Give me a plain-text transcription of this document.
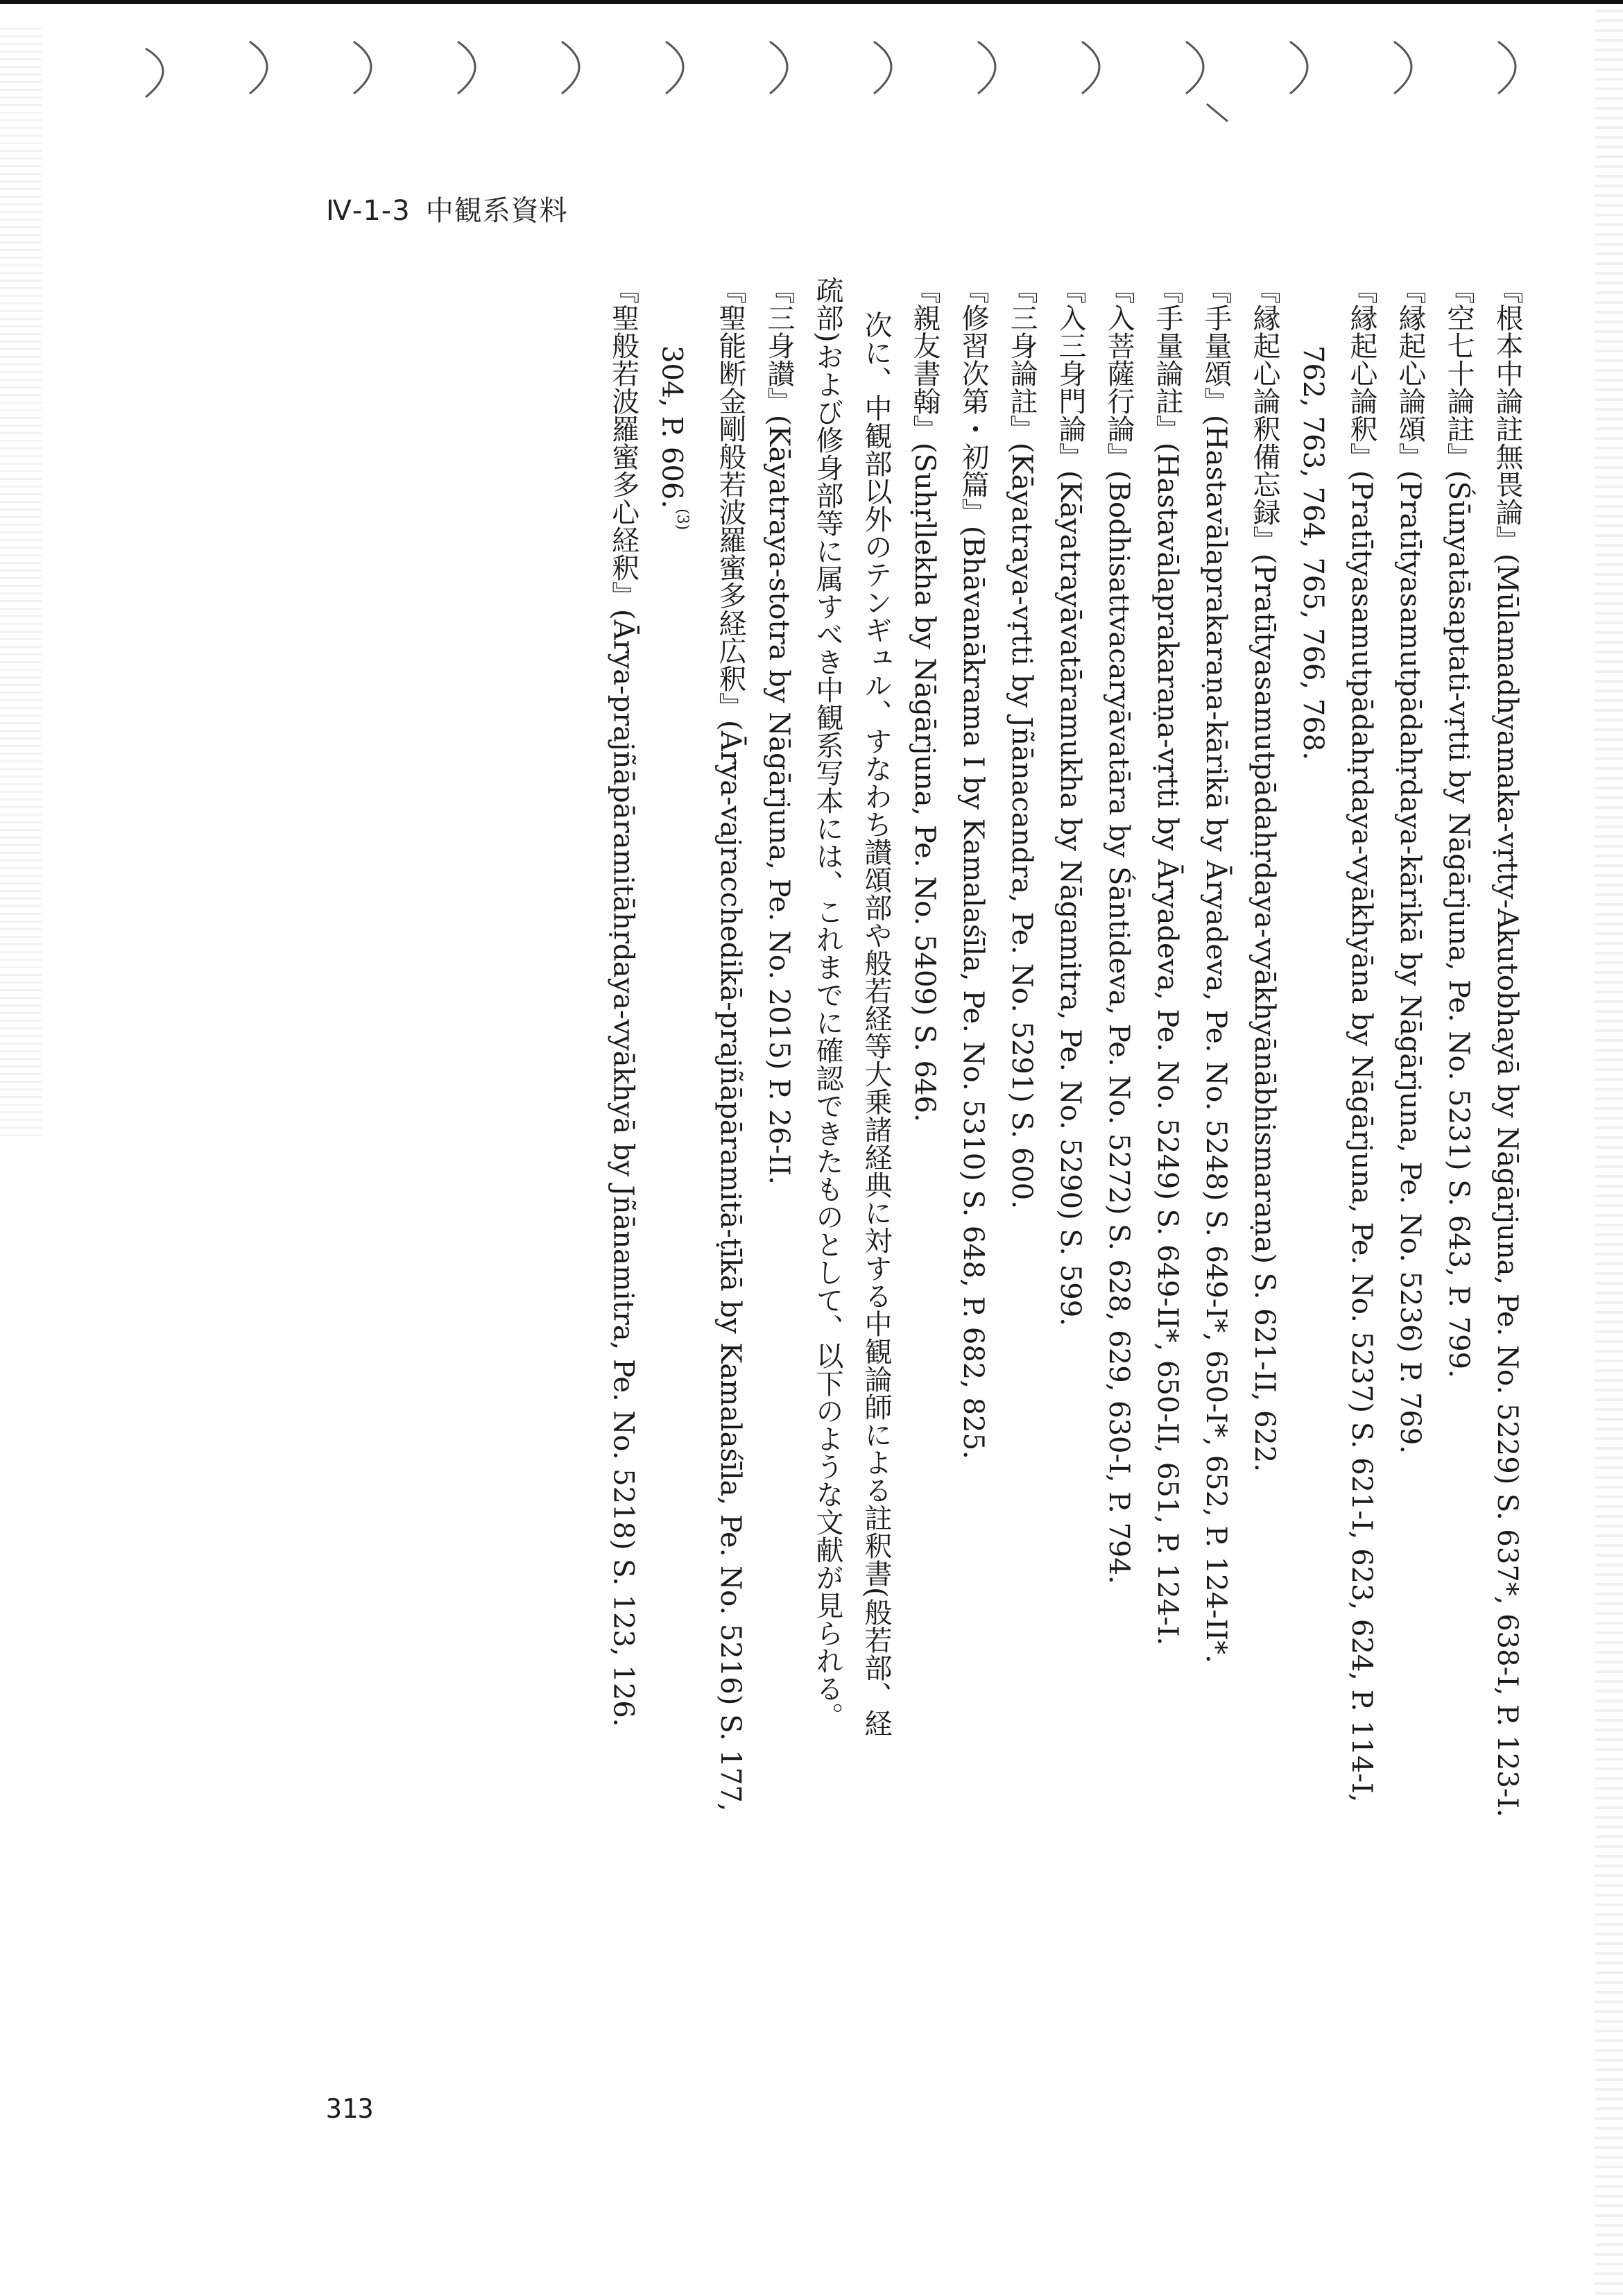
Ⅳ-1-3 中観系資料
『根本中論註無畏論』(Mūlamadhyamaka-vṛtty-Akutobhayā by Nāgārjuna, Pe. No. 5229) S. 637*, 638-I, P. 123-I.
『空七十論註』(Śūnyatāsaptati-vṛtti by Nāgārjuna, Pe. No. 5231) S. 643, P. 799.
『縁起心論頌』(Pratītyasamutpādahṛdaya-kārikā by Nāgārjuna, Pe. No. 5236) P. 769.
『縁起心論釈』(Pratītyasamutpādahṛdaya-vyākhyāna by Nāgārjuna, Pe. No. 5237) S. 621-I, 623, 624, P. 114-I,
762, 763, 764, 765, 766, 768.
『縁起心論釈備忘録』(Pratītyasamutpādahṛdaya-vyākhyānābhismaraṇa) S. 621-II, 622.
『手量頌』(Hastavālaprakaraṇa-kārikā by Āryadeva, Pe. No. 5248) S. 649-I*, 650-I*, 652, P. 124-II*.
『手量論註』(Hastavālaprakaraṇa-vṛtti by Āryadeva, Pe. No. 5249) S. 649-II*, 650-II, 651, P. 124-I.
『入菩薩行論』(Bodhisattvacaryāvatāra by Śāntideva, Pe. No. 5272) S. 628, 629, 630-I, P. 794.
『入三身門論』(Kāyatrayāvatāramukha by Nāgamitra, Pe. No. 5290) S. 599.
『三身論註』(Kāyatraya-vṛtti by Jñānacandra, Pe. No. 5291) S. 600.
『修習次第・初篇』(Bhāvanākrama I by Kamalaśīla, Pe. No. 5310) S. 648, P. 682, 825.
『親友書翰』(Suhṛllekha by Nāgārjuna, Pe. No. 5409) S. 646.
次に、中観部以外のテンギュル、すなわち讃頌部や般若経等大乗諸経典に対する中観論師による註釈書(般若部、経
疏部)および修身部等に属すべき中観系写本には、これまでに確認できたものとして、以下のような文献が見られる。
『三身讃』(Kāyatraya-stotra by Nāgārjuna, Pe. No. 2015) P. 26-II.
『聖能断金剛般若波羅蜜多経広釈』(Ārya-vajracchedikā-prajñāpāramitā-ṭīkā by Kamalaśīla, Pe. No. 5216) S. 177,
304, P. 606.$^{(3)}$
『聖般若波羅蜜多心経釈』(Ārya-prajñāpāramitāhṛdaya-vyākhyā by Jñānamitra, Pe. No. 5218) S. 123, 126.
313
